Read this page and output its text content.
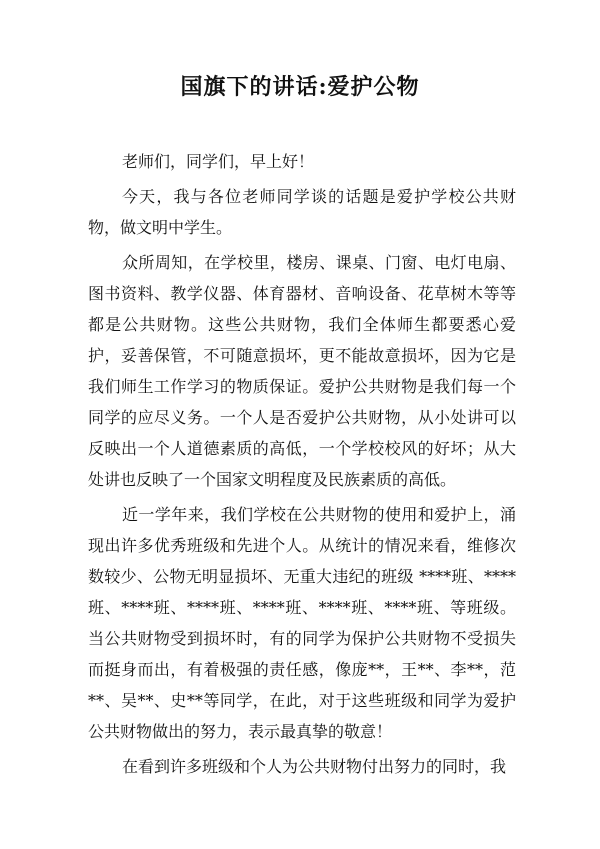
国旗下的讲话:爱护公物

老师们，同学们，早上好！

今天，我与各位老师同学谈的话题是爱护学校公共财物，做文明中学生。

众所周知，在学校里，楼房、课桌、门窗、电灯电扇、图书资料、教学仪器、体育器材、音响设备、花草树木等等都是公共财物。这些公共财物，我们全体师生都要悉心爱护，妥善保管，不可随意损坏，更不能故意损坏，因为它是我们师生工作学习的物质保证。爱护公共财物是我们每一个同学的应尽义务。一个人是否爱护公共财物，从小处讲可以反映出一个人道德素质的高低，一个学校校风的好坏；从大处讲也反映了一个国家文明程度及民族素质的高低。

近一学年来，我们学校在公共财物的使用和爱护上，涌现出许多优秀班级和先进个人。从统计的情况来看，维修次数较少、公物无明显损坏、无重大违纪的班级 ****班、****班、****班、****班、****班、****班、****班、等班级。当公共财物受到损坏时，有的同学为保护公共财物不受损失而挺身而出，有着极强的责任感，像庞**，王**、李**，范**、吴**、史**等同学，在此，对于这些班级和同学为爱护公共财物做出的努力，表示最真挚的敬意！

在看到许多班级和个人为公共财物付出努力的同时，我
